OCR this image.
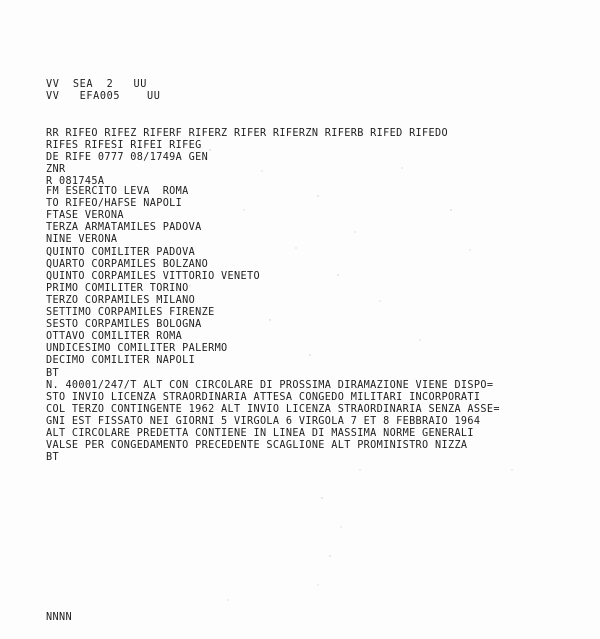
VV  SEA  2   UU
VV   EFA005    UU
RR RIFEO RIFEZ RIFERF RIFERZ RIFER RIFERZN RIFERB RIFED RIFEDO
RIFES RIFESI RIFEI RIFEG
DE RIFE 0777 08/1749A GEN
ZNR
R 081745A
FM ESERCITO LEVA  ROMA
TO RIFEO/HAFSE NAPOLI
FTASE VERONA
TERZA ARMATAMILES PADOVA
NINE VERONA
QUINTO COMILITER PADOVA
QUARTO CORPAMILES BOLZANO
QUINTO CORPAMILES VITTORIO VENETO
PRIMO COMILITER TORINO
TERZO CORPAMILES MILANO
SETTIMO CORPAMILES FIRENZE
SESTO CORPAMILES BOLOGNA
OTTAVO COMILITER ROMA
UNDICESIMO COMILITER PALERMO
DECIMO COMILITER NAPOLI
BT
N. 40001/247/T ALT CON CIRCOLARE DI PROSSIMA DIRAMAZIONE VIENE DISPO=
STO INVIO LICENZA STRAORDINARIA ATTESA CONGEDO MILITARI INCORPORATI
COL TERZO CONTINGENTE 1962 ALT INVIO LICENZA STRAORDINARIA SENZA ASSE=
GNI EST FISSATO NEI GIORNI 5 VIRGOLA 6 VIRGOLA 7 ET 8 FEBBRAIO 1964
ALT CIRCOLARE PREDETTA CONTIENE IN LINEA DI MASSIMA NORME GENERALI
VALSE PER CONGEDAMENTO PRECEDENTE SCAGLIONE ALT PROMINISTRO NIZZA
BT
NNNN
